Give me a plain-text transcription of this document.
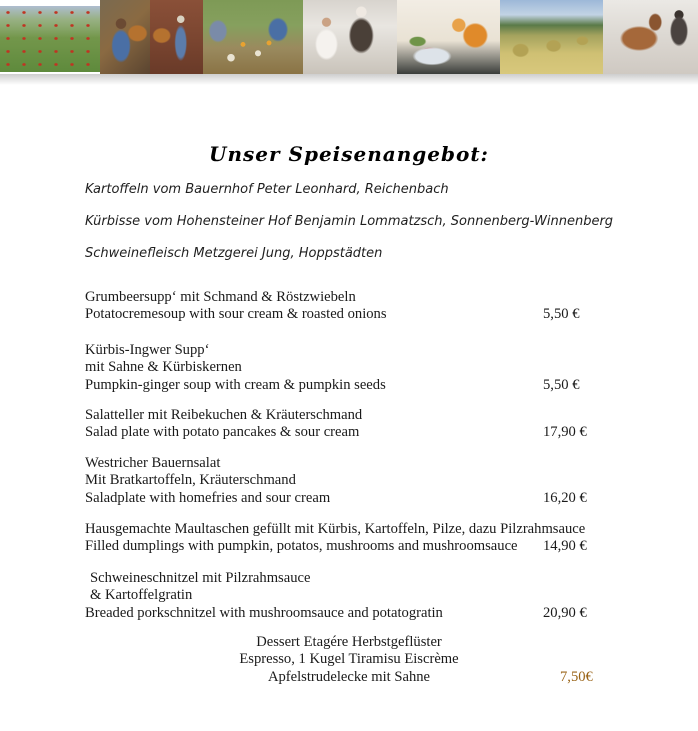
Unser Speisenangebot:
Kartoffeln vom Bauernhof Peter Leonhard, Reichenbach
Kürbisse vom Hohensteiner Hof Benjamin Lommatzsch, Sonnenberg-Winnenberg
Schweinefleisch Metzgerei Jung, Hoppstädten
Grumbeersupp‘ mit Schmand & Röstzwiebeln
Potatocremesoup with sour cream & roasted onions	5,50 €
Kürbis-Ingwer Supp‘
mit Sahne & Kürbiskernen
Pumpkin-ginger soup with cream & pumpkin seeds	5,50 €
Salatteller mit Reibekuchen & Kräuterschmand
Salad plate with potato pancakes & sour cream	17,90 €
Westricher Bauernsalat
Mit Bratkartoffeln, Kräuterschmand
Saladplate with homefries and sour cream	16,20 €
Hausgemachte Maultaschen gefüllt mit Kürbis, Kartoffeln, Pilze, dazu Pilzrahmsauce
Filled dumplings with pumpkin, potatos, mushrooms and mushroomsauce 14,90 €
Schweineschnitzel mit Pilzrahmsauce
& Kartoffelgratin
Breaded porkschnitzel with mushroomsauce and potatogratin	20,90 €
Dessert Etagére Herbstgeflüster
Espresso, 1 Kugel Tiramisu Eiscrème
Apfelstrudelecke mit Sahne	7,50€
